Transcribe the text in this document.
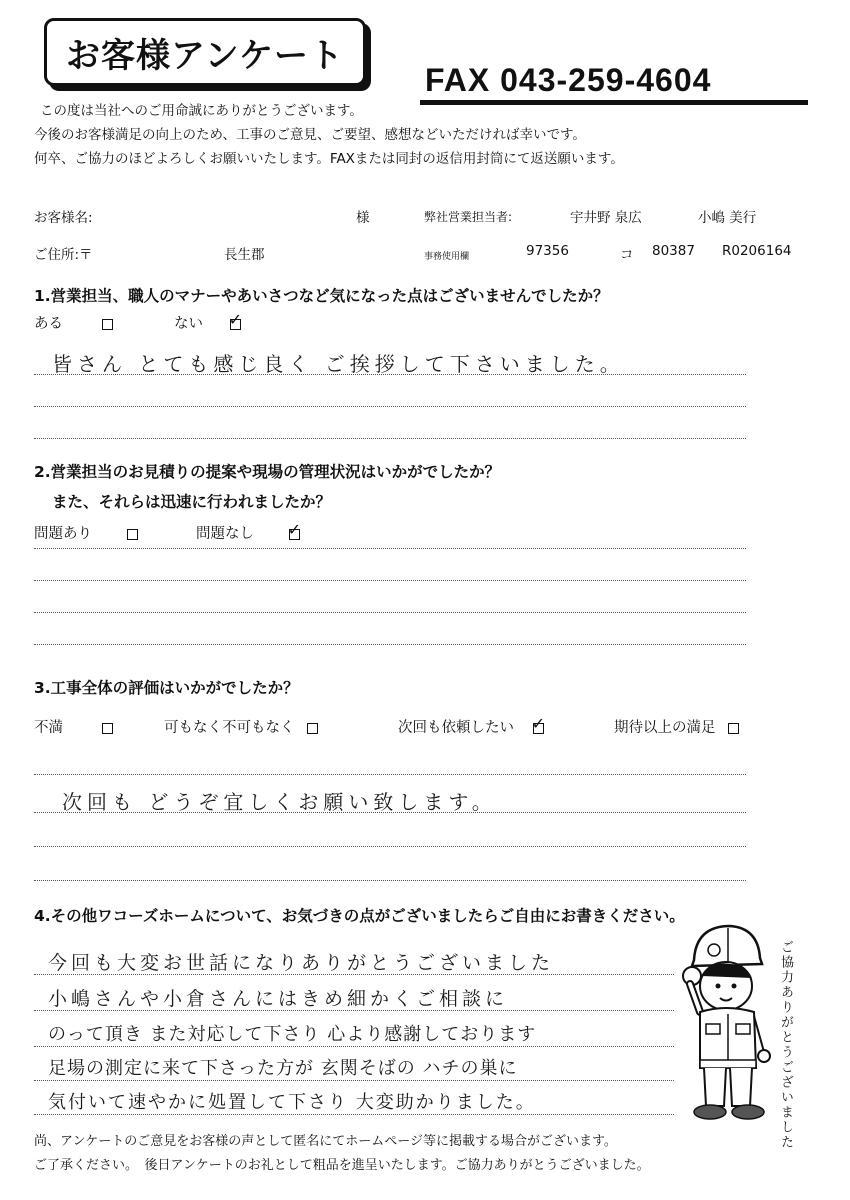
お客様アンケート
FAX 043-259-4604
この度は当社へのご用命誠にありがとうございます。
今後のお客様満足の向上のため、工事のご意見、ご要望、感想などいただければ幸いです。
何卒、ご協力のほどよろしくお願いいたします。FAXまたは同封の返信用封筒にて返送願います。
お客様名:	様	弊社営業担当者:	宇井野 泉広	小嶋 美行
ご住所:〒	長生郡	事務使用欄	97356	コ 80387 R0206164
1.営業担当、職人のマナーやあいさつなど気になった点はございませんでしたか？
ある	ない ✓
皆さん とても感じ良く ご挨拶して下さいました。
2.営業担当のお見積りの提案や現場の管理状況はいかがでしたか？
また、それらは迅速に行われましたか？
問題あり	問題なし ✓
3.工事全体の評価はいかがでしたか？
不満	可もなく不可もなく	次回も依頼したい ✓	期待以上の満足
次回も どうぞ宜しくお願い致します。
4.その他ワコーズホームについて、お気づきの点がございましたらご自由にお書きください。
今回も大変お世話になりありがとうございました
小嶋さんや小倉さんにはきめ細かくご相談に
のって頂き また対応して下さり 心より感謝しております
足場の測定に来て下さった方が 玄関そばの ハチの巣に
気付いて速やかに処置して下さり 大変助かりました。	ご協力ありがとうございました
尚、アンケートのご意見をお客様の声として匿名にてホームページ等に掲載する場合がございます。
ご了承ください。　後日アンケートのお礼として粗品を進呈いたします。ご協力ありがとうございました。
